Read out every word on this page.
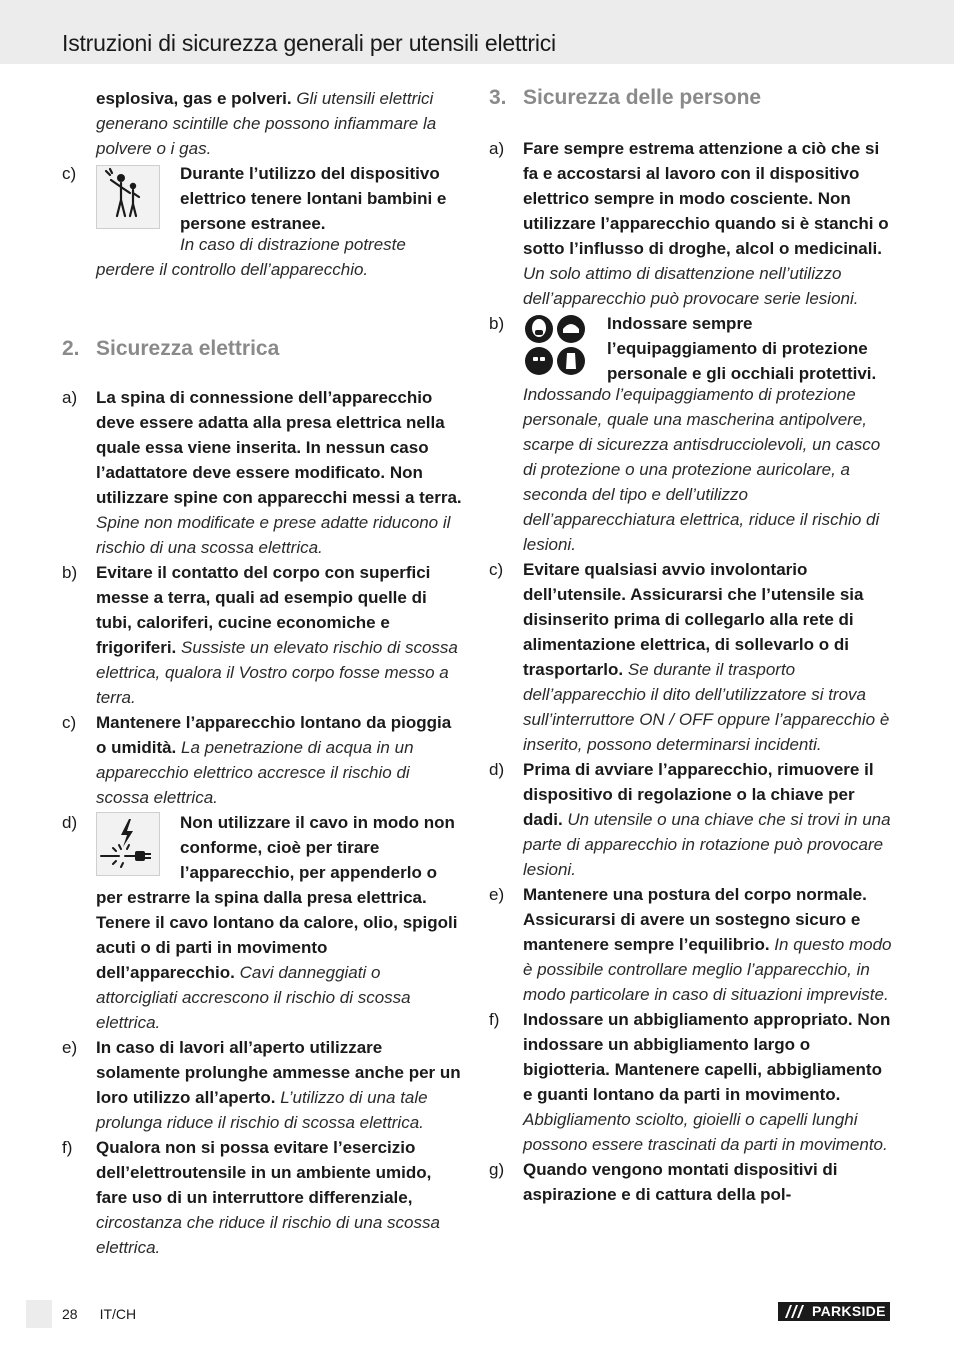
Istruzioni di sicurezza generali per utensili elettrici
esplosiva, gas e polveri. Gli utensili elettrici generano scintille che possono infiammare la polvere o i gas.
c)	Durante l’utilizzo del dispositivo elettrico tenere lontani bambini e persone estranee.
In caso di distrazione potreste perdere il controllo dell’apparecchio.
2. Sicurezza elettrica
a) La spina di connessione dell’apparecchio deve essere adatta alla presa elettrica nella quale essa viene inserita. In nessun caso l’adattatore deve essere modificato. Non utilizzare spine con apparecchi messi a terra. Spine non modificate e prese adatte riducono il rischio di una scossa elettrica.
b) Evitare il contatto del corpo con superfici messe a terra, quali ad esempio quelle di tubi, caloriferi, cucine economiche e frigoriferi. Sussiste un elevato rischio di scossa elettrica, qualora il Vostro corpo fosse messo a terra.
c) Mantenere l’apparecchio lontano da pioggia o umidità. La penetrazione di acqua in un apparecchio elettrico accresce il rischio di scossa elettrica.
d)	Non utilizzare il cavo in modo non conforme, cioè per tirare l’apparecchio, per appenderlo o per estrarre la spina dalla presa elettrica. Tenere il cavo lontano da calore, olio, spigoli acuti o di parti in movimento dell’apparecchio. Cavi danneggiati o attorcigliati accrescono il rischio di scossa elettrica.
e) In caso di lavori all’aperto utilizzare solamente prolunghe ammesse anche per un loro utilizzo all’aperto. L’utilizzo di una tale prolunga riduce il rischio di scossa elettrica.
f) Qualora non si possa evitare l’esercizio dell’elettroutensile in un ambiente umido, fare uso di un interruttore differenziale, circostanza che riduce il rischio di una scossa elettrica.
3. Sicurezza delle persone
a) Fare sempre estrema attenzione a ciò che si fa e accostarsi al lavoro con il dispositivo elettrico sempre in modo cosciente. Non utilizzare l’apparecchio quando si è stanchi o sotto l’influsso di droghe, alcol o medicinali. Un solo attimo di disattenzione nell’utilizzo dell’apparecchio può provocare serie lesioni.
b)	Indossare sempre l’equipaggiamento di protezione personale e gli occhiali protettivi.
Indossando l’equipaggiamento di protezione personale, quale una mascherina antipolvere, scarpe di sicurezza antisdrucciolevoli, un casco di protezione o una protezione auricolare, a seconda del tipo e dell’utilizzo dell’apparecchiatura elettrica, riduce il rischio di lesioni.
c) Evitare qualsiasi avvio involontario dell’utensile. Assicurarsi che l’utensile sia disinserito prima di collegarlo alla rete di alimentazione elettrica, di sollevarlo o di trasportarlo. Se durante il trasporto dell’apparecchio il dito dell’utilizzatore si trova sull’interruttore ON / OFF oppure l’apparecchio è inserito, possono determinarsi incidenti.
d) Prima di avviare l’apparecchio, rimuovere il dispositivo di regolazione o la chiave per dadi. Un utensile o una chiave che si trovi in una parte di apparecchio in rotazione può provocare lesioni.
e) Mantenere una postura del corpo normale. Assicurarsi di avere un sostegno sicuro e mantenere sempre l’equilibrio. In questo modo è possibile controllare meglio l’apparecchio, in modo particolare in caso di situazioni impreviste.
f) Indossare un abbigliamento appropriato. Non indossare un abbigliamento largo o bigiotteria. Mantenere capelli, abbigliamento e guanti lontano da parti in movimento. Abbigliamento sciolto, gioielli o capelli lunghi possono essere trascinati da parti in movimento.
g) Quando vengono montati dispositivi di aspirazione e di cattura della pol-
28 IT/CH	PARKSIDE
